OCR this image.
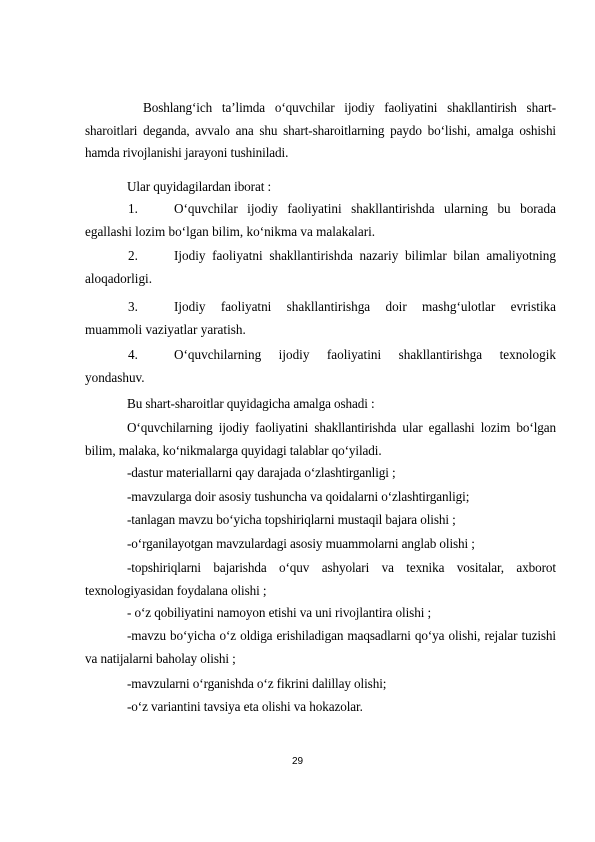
Boshlang‘ich ta’limda o‘quvchilar ijodiy faoliyatini shakllantirish shart-sharoitlari deganda, avvalo ana shu shart-sharoitlarning paydo bo‘lishi, amalga oshishi hamda rivojlanishi jarayoni tushiniladi.

Ular quyidagilardan iborat :

1.	O‘quvchilar ijodiy faoliyatini shakllantirishda ularning bu borada egallashi lozim bo‘lgan bilim, ko‘nikma va malakalari.
2.	Ijodiy faoliyatni shakllantirishda nazariy bilimlar bilan amaliyotning aloqadorligi.
3.	Ijodiy faoliyatni shakllantirishga doir mashg‘ulotlar evristika muammoli vaziyatlar yaratish.
4.	O‘quvchilarning ijodiy faoliyatini shakllantirishga texnologik yondashuv.

Bu shart-sharoitlar quyidagicha amalga oshadi :

O‘quvchilarning ijodiy faoliyatini shakllantirishda ular egallashi lozim bo‘lgan bilim, malaka, ko‘nikmalarga quyidagi talablar qo‘yiladi.

-dastur materiallarni qay darajada o‘zlashtirganligi ;

-mavzularga doir asosiy tushuncha va qoidalarni o‘zlashtirganligi;

-tanlagan mavzu bo‘yicha topshiriqlarni mustaqil bajara olishi ;

-o‘rganilayotgan mavzulardagi asosiy muammolarni anglab olishi ;

-topshiriqlarni bajarishda o‘quv ashyolari va texnika vositalar, axborot texnologiyasidan foydalana olishi ;

- o‘z qobiliyatini namoyon etishi va uni rivojlantira olishi ;

-mavzu bo‘yicha o‘z oldiga erishiladigan maqsadlarni qo‘ya olishi, rejalar tuzishi va natijalarni baholay olishi ;

-mavzularni o‘rganishda o‘z fikrini dalillay olishi;

-o‘z variantini tavsiya eta olishi va hokazolar.

29
